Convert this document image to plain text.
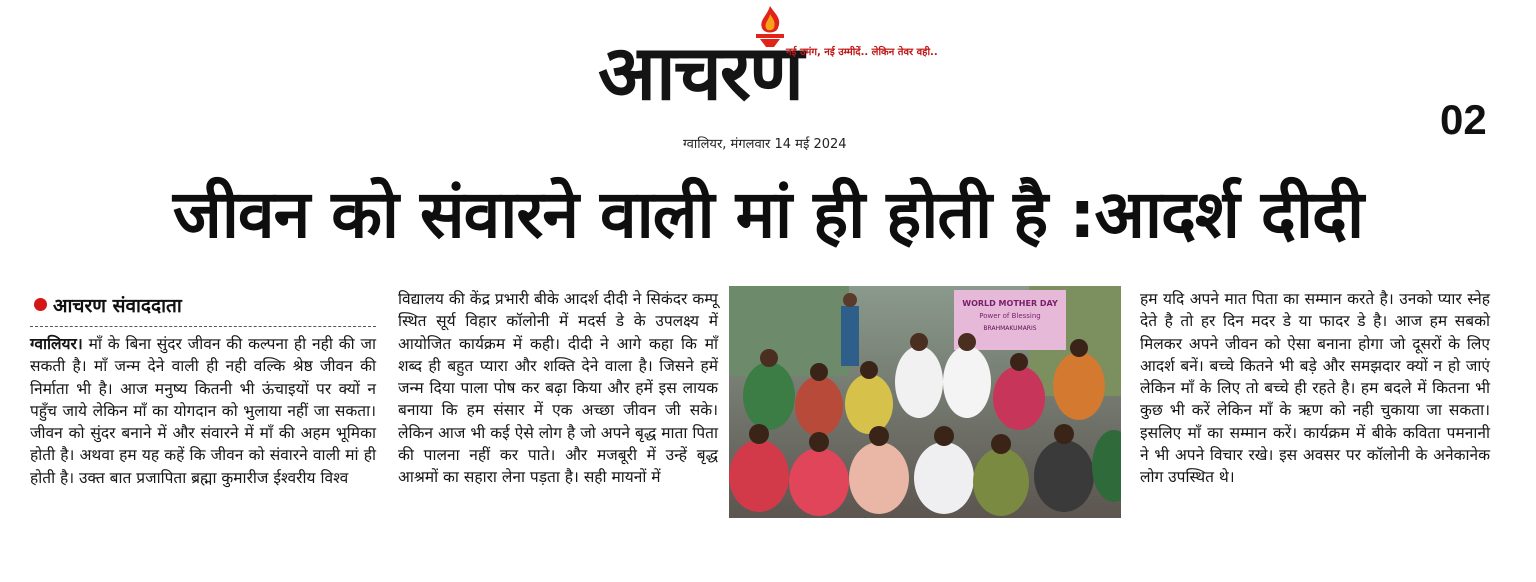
आचरण
नई उमंग, नई उम्मीदें.. लेकिन तेवर वही..
ग्वालियर, मंगलवार 14 मई 2024
02
जीवन को संवारने वाली मां ही होती है :आदर्श दीदी
आचरण संवाददाता
ग्वालियर। माँ के बिना सुंदर जीवन की कल्पना ही नही की जा सकती है। माँ जन्म देने वाली ही नही वल्कि श्रेष्ठ जीवन की निर्माता भी है। आज मनुष्य कितनी भी ऊंचाइयों पर क्यों न पहुँच जाये लेकिन माँ का योगदान को भुलाया नहीं जा सकता। जीवन को सुंदर बनाने में और संवारने में माँ की अहम भूमिका होती है। अथवा हम यह कहें कि जीवन को संवारने वाली मां ही होती है। उक्त बात प्रजापिता ब्रह्मा कुमारीज ईश्वरीय विश्व
विद्यालय की केंद्र प्रभारी बीके आदर्श दीदी ने सिकंदर कम्पू स्थित सूर्य विहार कॉलोनी में मदर्स डे के उपलक्ष्य में आयोजित कार्यक्रम में कही। दीदी ने आगे कहा कि माँ शब्द ही बहुत प्यारा और शक्ति देने वाला है। जिसने हमें जन्म दिया पाला पोष कर बढ़ा किया और हमें इस लायक बनाया कि हम संसार में एक अच्छा जीवन जी सके। लेकिन आज भी कई ऐसे लोग है जो अपने बृद्ध माता पिता की पालना नहीं कर पाते। और मजबूरी में उन्हें बृद्ध आश्रमों का सहारा लेना पड़ता है। सही मायनों में
WORLD MOTHER DAY
Power of Blessing
BRAHMAKUMARIS
हम यदि अपने मात पिता का सम्मान करते है। उनको प्यार स्नेह देते है तो हर दिन मदर डे या फादर डे है। आज हम सबको मिलकर अपने जीवन को ऐसा बनाना होगा जो दूसरों के लिए आदर्श बनें। बच्चे कितने भी बड़े और समझदार क्यों न हो जाएं लेकिन माँ के लिए तो बच्चे ही रहते है। हम बदले में कितना भी कुछ भी करें लेकिन माँ के ऋण को नही चुकाया जा सकता। इसलिए माँ का सम्मान करें। कार्यक्रम में बीके कविता पमनानी ने भी अपने विचार रखे। इस अवसर पर कॉलोनी के अनेकानेक लोग उपस्थित थे।
